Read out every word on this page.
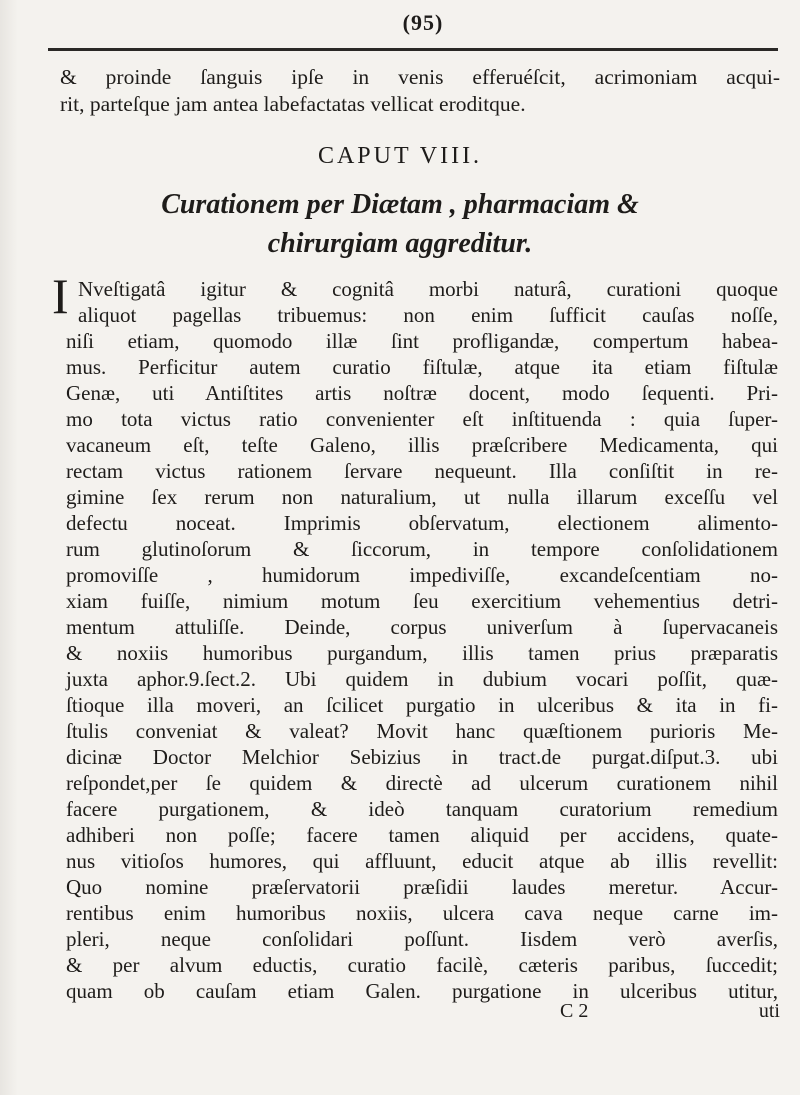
(95)
& proinde ſanguis ipſe in venis efferuéſcit, acrimoniam acqui-
rit, parteſque jam antea labefactatas vellicat eroditque.
CAPUT VIII.
Curationem per Diætam , pharmaciam &
chirurgiam aggreditur.
I Nveſtigatâ igitur & cognitâ morbi naturâ, curationi quoque
aliquot pagellas tribuemus: non enim ſufficit cauſas noſſe,
niſi etiam, quomodo illæ ſint profligandæ, compertum habea-
mus. Perficitur autem curatio fiſtulæ, atque ita etiam fiſtulæ
Genæ, uti Antiſtites artis noſtræ docent, modo ſequenti. Pri-
mo tota victus ratio convenienter eſt inſtituenda : quia ſuper-
vacaneum eſt, teſte Galeno, illis præſcribere Medicamenta, qui
rectam victus rationem ſervare nequeunt. Illa conſiſtit in re-
gimine ſex rerum non naturalium, ut nulla illarum exceſſu vel
defectu noceat. Imprimis obſervatum, electionem alimento-
rum glutinoſorum & ſiccorum, in tempore conſolidationem
promoviſſe , humidorum impediviſſe, excandeſcentiam no-
xiam fuiſſe, nimium motum ſeu exercitium vehementius detri-
mentum attuliſſe. Deinde, corpus univerſum à ſupervacaneis
& noxiis humoribus purgandum, illis tamen prius præparatis
juxta aphor.9.ſect.2. Ubi quidem in dubium vocari poſſit, quæ-
ſtioque illa moveri, an ſcilicet purgatio in ulceribus & ita in fi-
ſtulis conveniat & valeat? Movit hanc quæſtionem purioris Me-
dicinæ Doctor Melchior Sebizius in tract.de purgat.diſput.3. ubi
reſpondet,per ſe quidem & directè ad ulcerum curationem nihil
facere purgationem, & ideò tanquam curatorium remedium
adhiberi non poſſe; facere tamen aliquid per accidens, quate-
nus vitioſos humores, qui affluunt, educit atque ab illis revellit:
Quo nomine præſervatorii præſidii laudes meretur. Accur-
rentibus enim humoribus noxiis, ulcera cava neque carne im-
pleri, neque conſolidari poſſunt. Iisdem verò averſis,
& per alvum eductis, curatio facilè, cæteris paribus, ſuccedit;
quam ob cauſam etiam Galen. purgatione in ulceribus utitur,
C 2	uti
